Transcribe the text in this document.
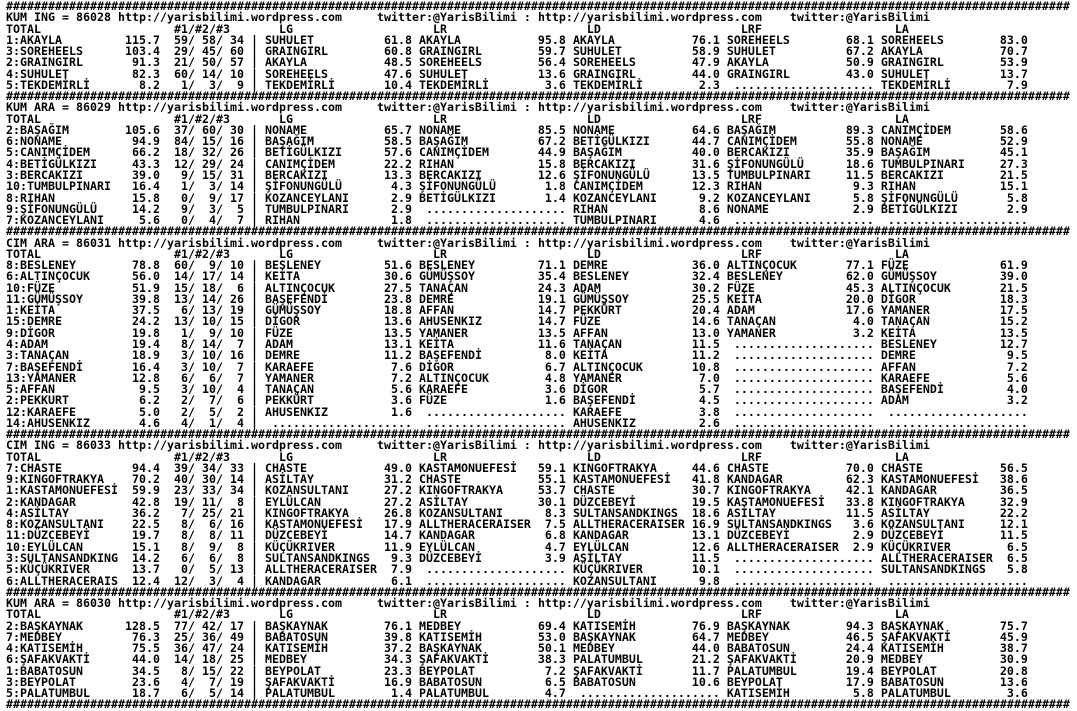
########################################################################################################################################################
KUM ING = 86028 http://yarisbilimi.wordpress.com	twitter:@YarisBilimi : http://yarisbilimi.wordpress.com twitter:@YarisBilimi
TOTAL                   #1/#2/#3       LG                    LR                    LD                    LRF                   LA
1:AKAYLA         115.7  59/ 58/ 34 | SUHULET          61.8 AKAYLA           95.8 AKAYLA           76.1 SOREHEELS        68.1 SOREHEELS        83.0
3:SOREHEELS      103.4  29/ 45/ 60 | GRAINGIRL        60.8 GRAINGIRL        59.7 SUHULET          58.9 SUHULET          67.2 AKAYLA           70.7
2:GRAINGIRL       91.3  21/ 50/ 57 | AKAYLA           48.5 SOREHEELS        56.4 SOREHEELS        47.9 AKAYLA           50.9 GRAINGIRL        53.9
4:SUHULET         82.3  60/ 14/ 10 | SOREHEELS        47.6 SUHULET          13.6 GRAINGIRL        44.0 GRAINGIRL        43.0 SUHULET          13.7
5:TEKDEMİRLİ       8.2   1/  3/  9 | TEKDEMİRLİ       10.4 TEKDEMİRLİ        3.6 TEKDEMİRLİ        2.3  .................... TEKDEMİRLİ        7.9
########################################################################################################################################################
KUM ARA = 86029 http://yarisbilimi.wordpress.com	twitter:@YarisBilimi : http://yarisbilimi.wordpress.com twitter:@YarisBilimi
TOTAL                   #1/#2/#3       LG                    LR                    LD                    LRF                   LA
2:BAŞAĞIM        105.6  37/ 60/ 30 | NONAME           65.7 NONAME           85.5 NONAME           64.6 BAŞAĞIM          89.3 CANIMÇİDEM       58.6
6:NONAME          94.9  84/ 15/ 16 | BAŞAĞIM          58.5 BAŞAĞIM          67.2 BETİGÜLKIZI      44.7 CANIMÇİDEM       55.8 NONAME           52.9
5:CANIMÇİDEM      66.2  18/ 32/ 26 | BETİGÜLKIZI      57.6 CANIMÇİDEM       44.9 BAŞAĞIM          40.0 BERCAKIZI        35.9 BAŞAĞIM          45.1
4:BETİGÜLKIZI     43.3  12/ 29/ 24 | CANIMÇİDEM       22.2 RIHAN            15.8 BERCAKIZI        31.6 ŞİFONUNGÜLÜ      18.6 TUMBULPINARI     27.3
3:BERCAKIZI       39.0   9/ 15/ 31 | BERCAKIZI        13.3 BERCAKIZI        12.6 ŞİFONUNGÜLÜ      13.5 TUMBULPINARI     11.5 BERCAKIZI        21.5
10:TUMBULPINARI   16.4   1/  3/ 14 | ŞİFONUNGÜLÜ       4.3 ŞİFONUNGÜLÜ       1.8 CANIMÇİDEM       12.3 RIHAN             9.3 RIHAN            15.1
8:RIHAN           15.8   0/  9/ 17 | KOZANCEYLANI      2.9 BETİGÜLKIZI       1.4 KOZANCEYLANI      9.2 KOZANCEYLANI      5.8 ŞİFONUNGÜLÜ       5.8
9:ŞİFONUNGÜLÜ     14.2   9/  3/  5 | TUMBULPINARI      2.9  .................... RIHAN             8.6 NONAME            2.9 BETİGÜLKIZI       2.9
7:KOZANCEYLANI     5.6   0/  4/  7 | RIHAN             1.8  .................... TUMBULPINARI      4.6  ....................  ....................
########################################################################################################################################################
CIM ARA = 86031 http://yarisbilimi.wordpress.com	twitter:@YarisBilimi : http://yarisbilimi.wordpress.com twitter:@YarisBilimi
TOTAL                   #1/#2/#3       LG                    LR                    LD                    LRF                   LA
8:BESLENEY        78.8  60/  9/ 10 | BESLENEY         51.6 BESLENEY         71.1 DEMRE            36.0 ALTINÇOCUK       77.1 FÜZE             61.9
6:ALTINÇOCUK      56.0  14/ 17/ 14 | KEİTA            30.6 GÜMÜŞSOY         35.4 BESLENEY         32.4 BESLENEY         62.0 GÜMÜŞSOY         39.0
10:FÜZE           51.9  15/ 18/  6 | ALTINÇOCUK       27.5 TANAÇAN          24.3 ADAM             30.2 FÜZE             45.3 ALTINÇOCUK       21.5
11:GÜMÜŞSOY       39.8  13/ 14/ 26 | BAŞEFENDİ        23.8 DEMRE            19.1 GÜMÜŞSOY         25.5 KEİTA            20.0 DİGOR            18.3
1:KEİTA           37.5   6/ 13/ 19 | GÜMÜŞSOY         18.8 AFFAN            14.7 PEKKÜRT          20.4 ADAM             17.6 YAMANER          17.5
15:DEMRE          24.2  13/ 10/ 15 | DİGOR            13.6 AHUSENKIZ        14.7 FÜZE             14.6 TANAÇAN           4.0 TANAÇAN          15.2
9:DİGOR           19.8   1/  9/ 10 | FÜZE             13.5 YAMANER          13.5 AFFAN            13.0 YAMANER           3.2 KEİTA            13.5
4:ADAM            19.4   8/ 14/  7 | ADAM             13.1 KEİTA            11.6 TANAÇAN          11.5  .................... BESLENEY         12.7
3:TANAÇAN         18.9   3/ 10/ 16 | DEMRE            11.2 BAŞEFENDİ         8.0 KEİTA            11.2  .................... DEMRE             9.5
7:BAŞEFENDİ       16.4   3/ 10/  7 | KARAEFE           7.6 DİGOR             6.7 ALTINÇOCUK       10.8  .................... AFFAN             7.2
13:YAMANER        12.8   6/  6/  7 | YAMANER           7.2 ALTINÇOCUK        4.8 YAMANER           7.0  .................... KARAEFE           5.6
5:AFFAN            9.5   3/ 10/  4 | TANAÇAN           5.6 KARAEFE           3.6 DİGOR             5.7  .................... BAŞEFENDİ         4.0
2:PEKKURT          6.2   2/  7/  6 | PEKKÜRT           3.6 FÜZE              1.6 BAŞEFENDİ         4.5  .................... ADAM              3.2
12:KARAEFE         5.0   2/  5/  2 | AHUSENKIZ         1.6  .................... KARAEFE           3.8  ....................  ....................
14:AHUSENKIZ       4.6   4/  1/  4 |  ....................  .................... AHUSENKIZ         2.6  ....................  ....................
########################################################################################################################################################
CIM ING = 86033 http://yarisbilimi.wordpress.com	twitter:@YarisBilimi : http://yarisbilimi.wordpress.com twitter:@YarisBilimi
TOTAL                   #1/#2/#3       LG                    LR                    LD                    LRF                   LA
7:CHASTE          94.4  39/ 34/ 33 | CHASTE           49.0 KASTAMONUEFESİ   59.1 KINGOFTRAKYA     44.6 CHASTE           70.0 CHASTE           56.5
9:KINGOFTRAKYA    70.2  40/ 30/ 14 | ASİLTAY          31.2 CHASTE           55.1 KASTAMONUEFESİ   41.8 KANDAGAR         62.3 KASTAMONUEFESİ   38.6
1:KASTAMONUEFESİ  59.9  23/ 33/ 34 | KOZANSULTANI     27.2 KINGOFTRAKYA     53.7 CHASTE           30.7 KINGOFTRAKYA     42.1 KANDAGAR         36.5
2:KANDAGAR        42.8  19/ 11/  8 | EYLÜLCAN         27.2 ASİLTAY          30.1 DÜZCEBEYİ        19.5 KASTAMONUEFESİ   33.8 KINGOFTRAKYA     32.9
4:ASİLTAY         36.2   7/ 25/ 21 | KINGOFTRAKYA     26.8 KOZANSULTANI      8.3 SULTANSANDKINGS  18.6 ASİLTAY          11.5 ASİLTAY          22.2
8:KOZANSULTANI    22.5   8/  6/ 16 | KASTAMONUEFESİ   17.9 ALLTHERACERAISER  7.5 ALLTHERACERAISER 16.9 SULTANSANDKINGS   3.6 KOZANSULTANI     12.1
11:DÜZCEBEYİ      19.7   8/  8/ 11 | DÜZCEBEYİ        14.7 KANDAGAR          6.8 KANDAGAR         13.1 DÜZCEBEYİ         2.9 DÜZCEBEYİ        11.5
10:EYLÜLCAN       15.1   8/  9/  8 | KÜÇÜKRIVER       11.9 EYLÜLCAN          4.7 EYLÜLCAN         12.6 ALLTHERACERAISER  2.9 KÜÇÜKRIVER        6.5
3:SULTANSANDKING  14.2   6/  6/  8 | SULTANSANDKINGS   9.3 DÜZCEBEYİ         3.9 ASİLTAY          11.5  .................... ALLTHERACERAISER  6.5
5:KÜÇÜKRIVER      13.7   0/  5/ 13 | ALLTHERACERAISER  7.9  .................... KÜÇÜKRIVER       10.1  .................... SULTANSANDKINGS   5.8
6:ALLTHERACERAIS  12.4  12/  3/  4 | KANDAGAR          6.1  .................... KOZANSULTANI      9.8  ....................  ....................
########################################################################################################################################################
KUM ARA = 86030 http://yarisbilimi.wordpress.com	twitter:@YarisBilimi : http://yarisbilimi.wordpress.com twitter:@YarisBilimi
TOTAL                   #1/#2/#3       LG                    LR                    LD                    LRF                   LA
2:BAŞKAYNAK      128.5  77/ 42/ 17 | BAŞKAYNAK        76.1 MEDBEY           69.4 KATISEMİH        76.9 BAŞKAYNAK        94.3 BAŞKAYNAK        75.7
7:MEDBEY          76.3  25/ 36/ 49 | BABATOSUN        39.8 KATISEMİH        53.0 BAŞKAYNAK        64.7 MEDBEY           46.5 ŞAFAKVAKTİ       45.9
4:KATISEMİH       75.5  36/ 47/ 24 | KATISEMİH        37.2 BAŞKAYNAK        50.1 MEDBEY           44.0 BABATOSUN        24.4 KATISEMİH        38.7
6:ŞAFAKVAKTİ      44.0  14/ 18/ 25 | MEDBEY           34.3 ŞAFAKVAKTİ       38.3 PALATUMBUL       21.2 ŞAFAKVAKTİ       20.9 MEDBEY           30.9
1:BABATOSUN       34.5   8/ 15/ 22 | BEYPOLAT         23.3 BEYPOLAT          7.2 ŞAFAKVAKTİ       11.7 PALATUMBUL       19.4 BEYPOLAT         20.8
3:BEYPOLAT        23.6   4/  7/ 19 | ŞAFAKVAKTİ       16.9 BABATOSUN         6.5 BABATOSUN        10.6 BEYPOLAT         17.9 BABATOSUN        13.6
5:PALATUMBUL      18.7   6/  5/ 14 | PALATUMBUL        1.4 PALATUMBUL        4.7  .................... KATISEMİH         5.8 PALATUMBUL        3.6
########################################################################################################################################################
